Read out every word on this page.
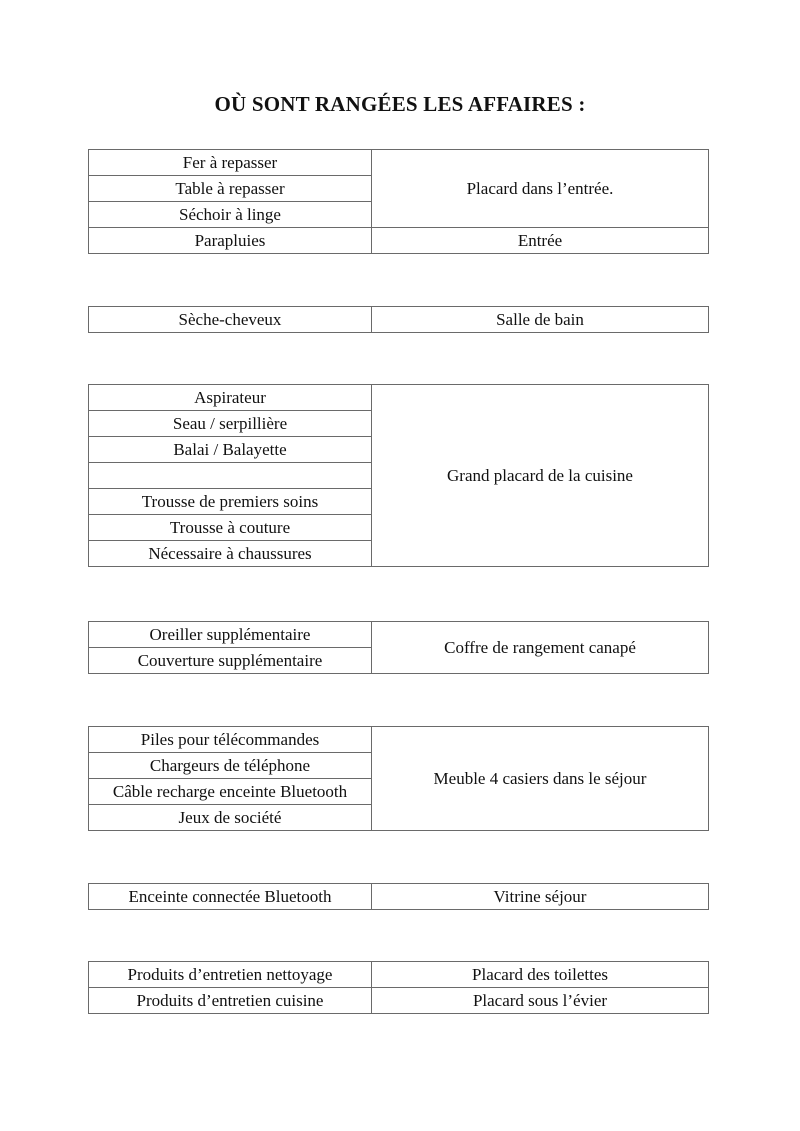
OÙ SONT RANGÉES LES AFFAIRES :
Fer à repasser	Placard dans l’entrée.
Table à repasser	
Séchoir à linge	
Parapluies	Entrée
Sèche-cheveux	Salle de bain
Aspirateur	Grand placard de la cuisine
Seau / serpillière
Balai / Balayette

Trousse de premiers soins
Trousse à couture
Nécessaire à chaussures
Oreiller supplémentaire	Coffre de rangement canapé
Couverture supplémentaire
Piles pour télécommandes	Meuble 4 casiers dans le séjour
Chargeurs de téléphone
Câble recharge enceinte Bluetooth
Jeux de société
Enceinte connectée Bluetooth	Vitrine séjour
Produits d’entretien nettoyage	Placard des toilettes
Produits d’entretien cuisine	Placard sous l’évier
